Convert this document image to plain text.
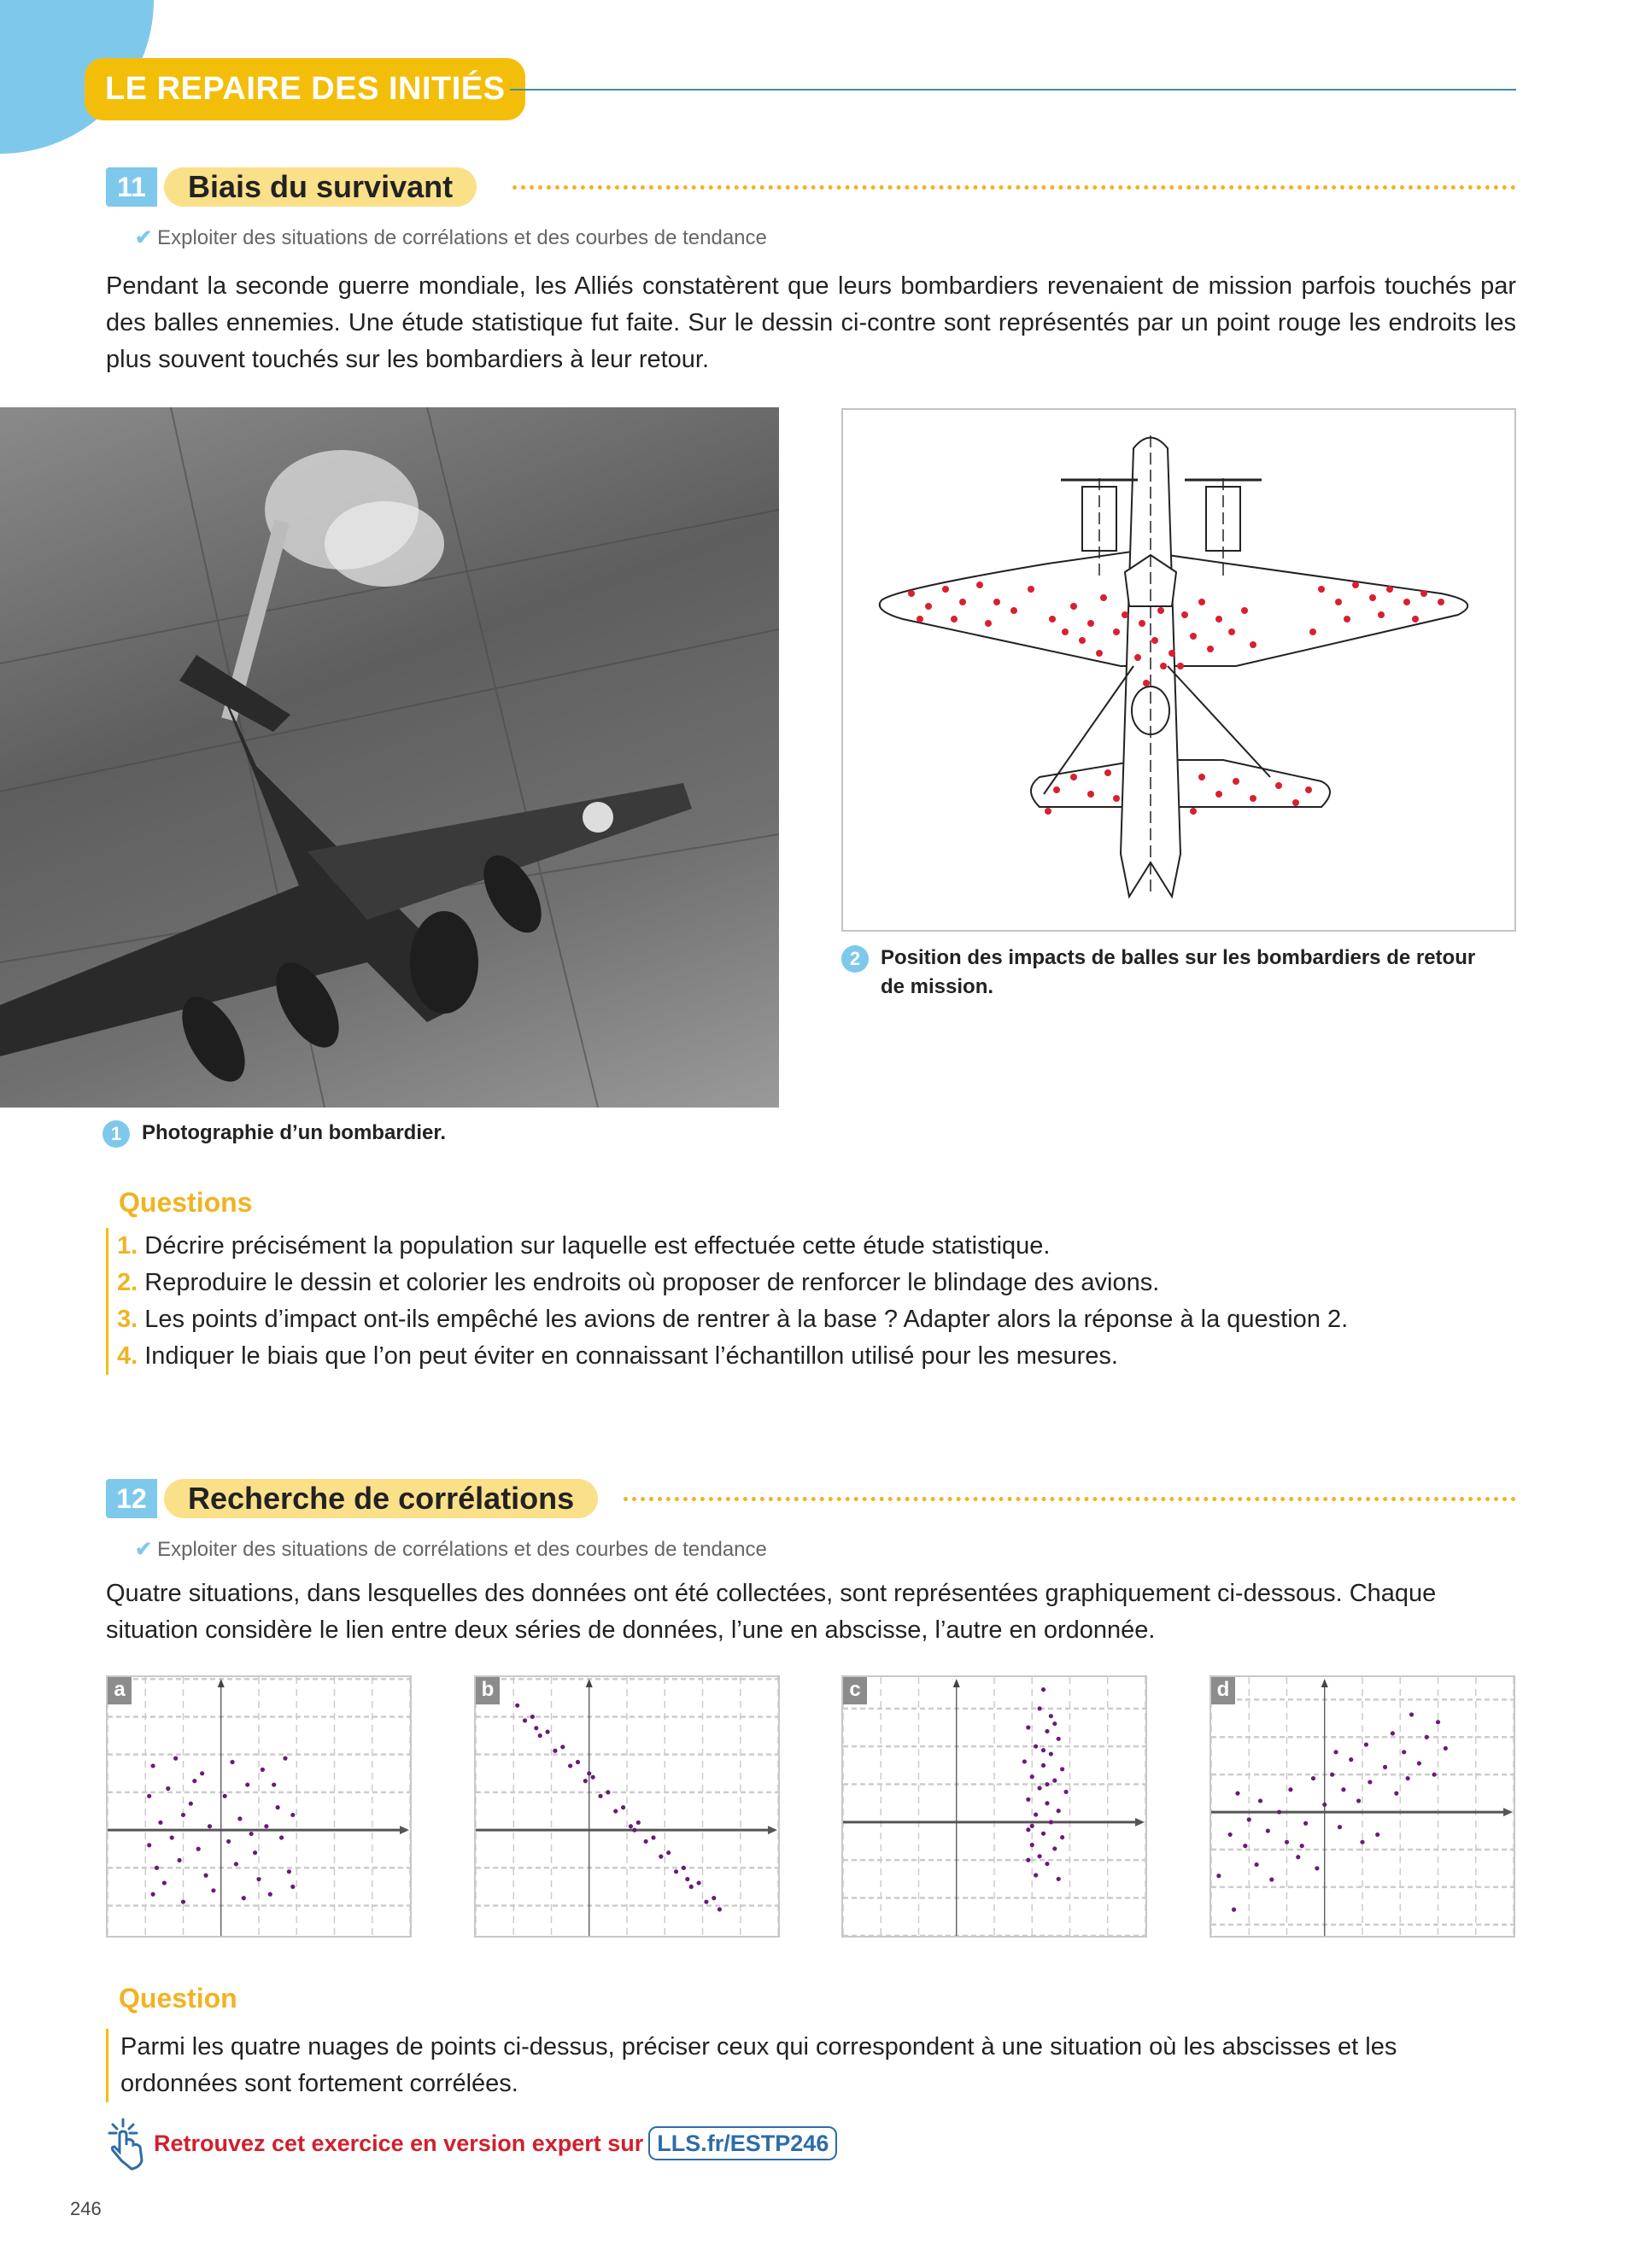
LE REPAIRE DES INITIÉS
11	Biais du survivant
✔ Exploiter des situations de corrélations et des courbes de tendance
Pendant la seconde guerre mondiale, les Alliés constatèrent que leurs bombardiers revenaient de mission parfois touchés par des balles ennemies. Une étude statistique fut faite. Sur le dessin ci-contre sont représentés par un point rouge les endroits les plus souvent touchés sur les bombardiers à leur retour.
1 Photographie d’un bombardier.
2 Position des impacts de balles sur les bombardiers de retour de mission.
Questions
1. Décrire précisément la population sur laquelle est effectuée cette étude statistique.
2. Reproduire le dessin et colorier les endroits où proposer de renforcer le blindage des avions.
3. Les points d’impact ont-ils empêché les avions de rentrer à la base ? Adapter alors la réponse à la question 2.
4. Indiquer le biais que l’on peut éviter en connaissant l’échantillon utilisé pour les mesures.
12	Recherche de corrélations
✔ Exploiter des situations de corrélations et des courbes de tendance
Quatre situations, dans lesquelles des données ont été collectées, sont représentées graphiquement ci-dessous. Chaque situation considère le lien entre deux séries de données, l’une en abscisse, l’autre en ordonnée.
a	b	c	d
Question
Parmi les quatre nuages de points ci-dessus, préciser ceux qui correspondent à une situation où les abscisses et les ordonnées sont fortement corrélées.
Retrouvez cet exercice en version expert sur LLS.fr/ESTP246
246
